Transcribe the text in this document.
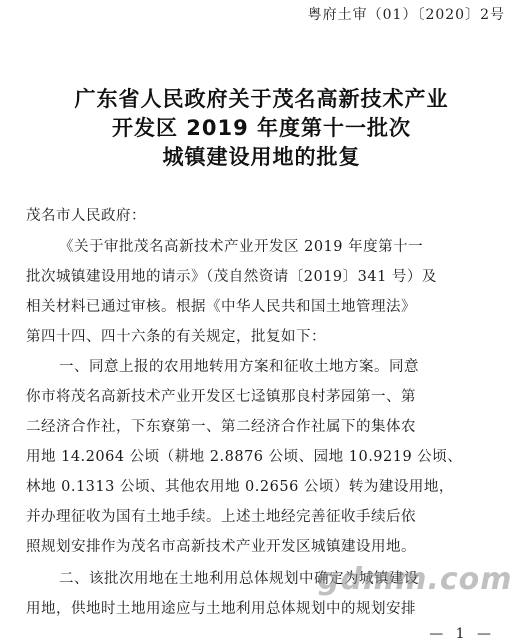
粤府土审（01）〔2020〕2号
广东省人民政府关于茂名高新技术产业
开发区 2019 年度第十一批次
城镇建设用地的批复
茂名市人民政府：
《关于审批茂名高新技术产业开发区 2019 年度第十一
批次城镇建设用地的请示》（茂自然资请〔2019〕341 号）及
相关材料已通过审核。根据《中华人民共和国土地管理法》
第四十四、四十六条的有关规定，批复如下：
一、同意上报的农用地转用方案和征收土地方案。同意
你市将茂名高新技术产业开发区七迳镇那良村茅园第一、第
二经济合作社，下东寮第一、第二经济合作社属下的集体农
用地 14.2064 公顷（耕地 2.8876 公顷、园地 10.9219 公顷、
林地 0.1313 公顷、其他农用地 0.2656 公顷）转为建设用地，
并办理征收为国有土地手续。上述土地经完善征收手续后依
照规划安排作为茂名市高新技术产业开发区城镇建设用地。
二、该批次用地在土地利用总体规划中确定为城镇建设
用地，供地时土地用途应与土地利用总体规划中的规划安排
gdmm.com
— 1 —
